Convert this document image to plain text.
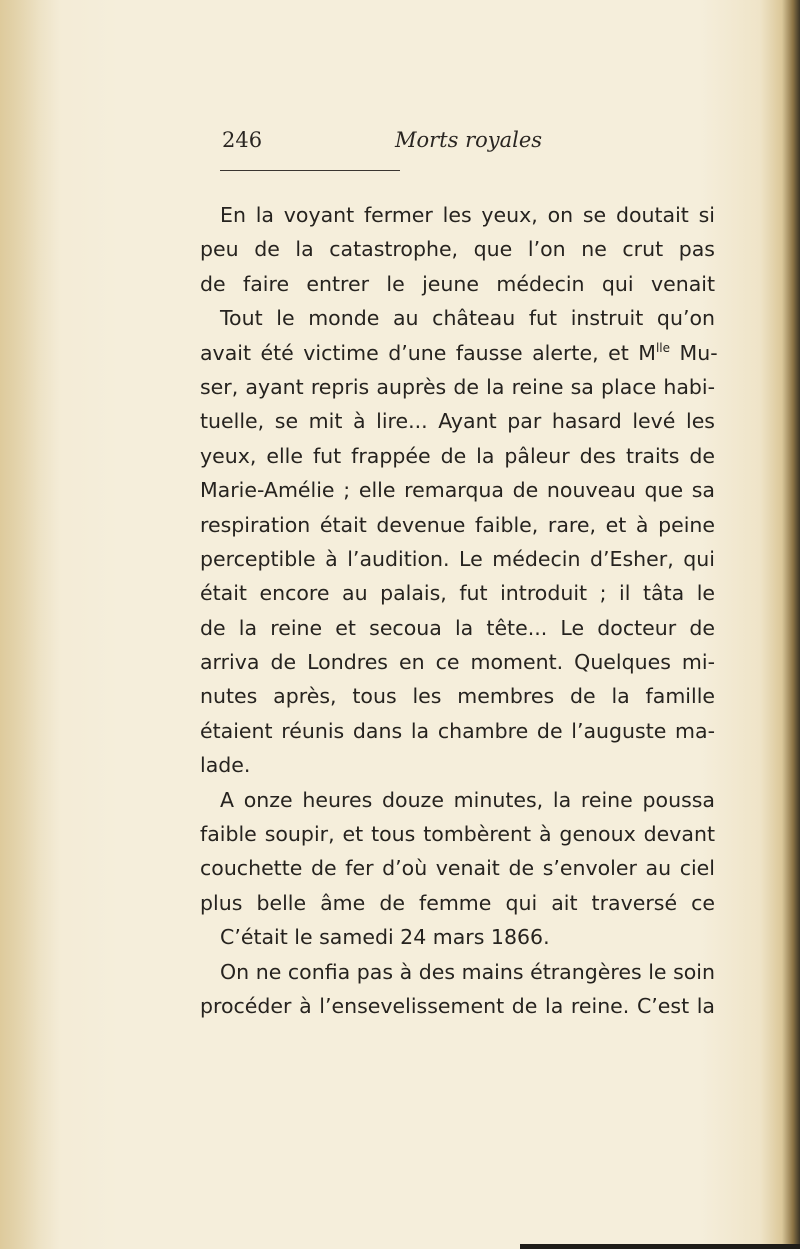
246	Morts royales
En la voyant fermer les yeux, on se doutait si
peu de la catastrophe, que l’on ne crut pas
de faire entrer le jeune médecin qui venait
Tout le monde au château fut instruit qu’on
avait été victime d’une fausse alerte, et $M^{lle}$ Mu-
ser, ayant repris auprès de la reine sa place habi-
tuelle, se mit à lire... Ayant par hasard levé les
yeux, elle fut frappée de la pâleur des traits de
Marie-Amélie ; elle remarqua de nouveau que sa
respiration était devenue faible, rare, et à peine
perceptible à l’audition. Le médecin d’Esher, qui
était encore au palais, fut introduit ; il tâta le
de la reine et secoua la tête... Le docteur de
arriva de Londres en ce moment. Quelques mi-
nutes après, tous les membres de la famille
étaient réunis dans la chambre de l’auguste ma-
lade.
A onze heures douze minutes, la reine poussa
faible soupir, et tous tombèrent à genoux devant
couchette de fer d’où venait de s’envoler au ciel
plus belle âme de femme qui ait traversé ce
C’était le samedi 24 mars 1866.
On ne confia pas à des mains étrangères le soin
procéder à l’ensevelissement de la reine. C’est la
